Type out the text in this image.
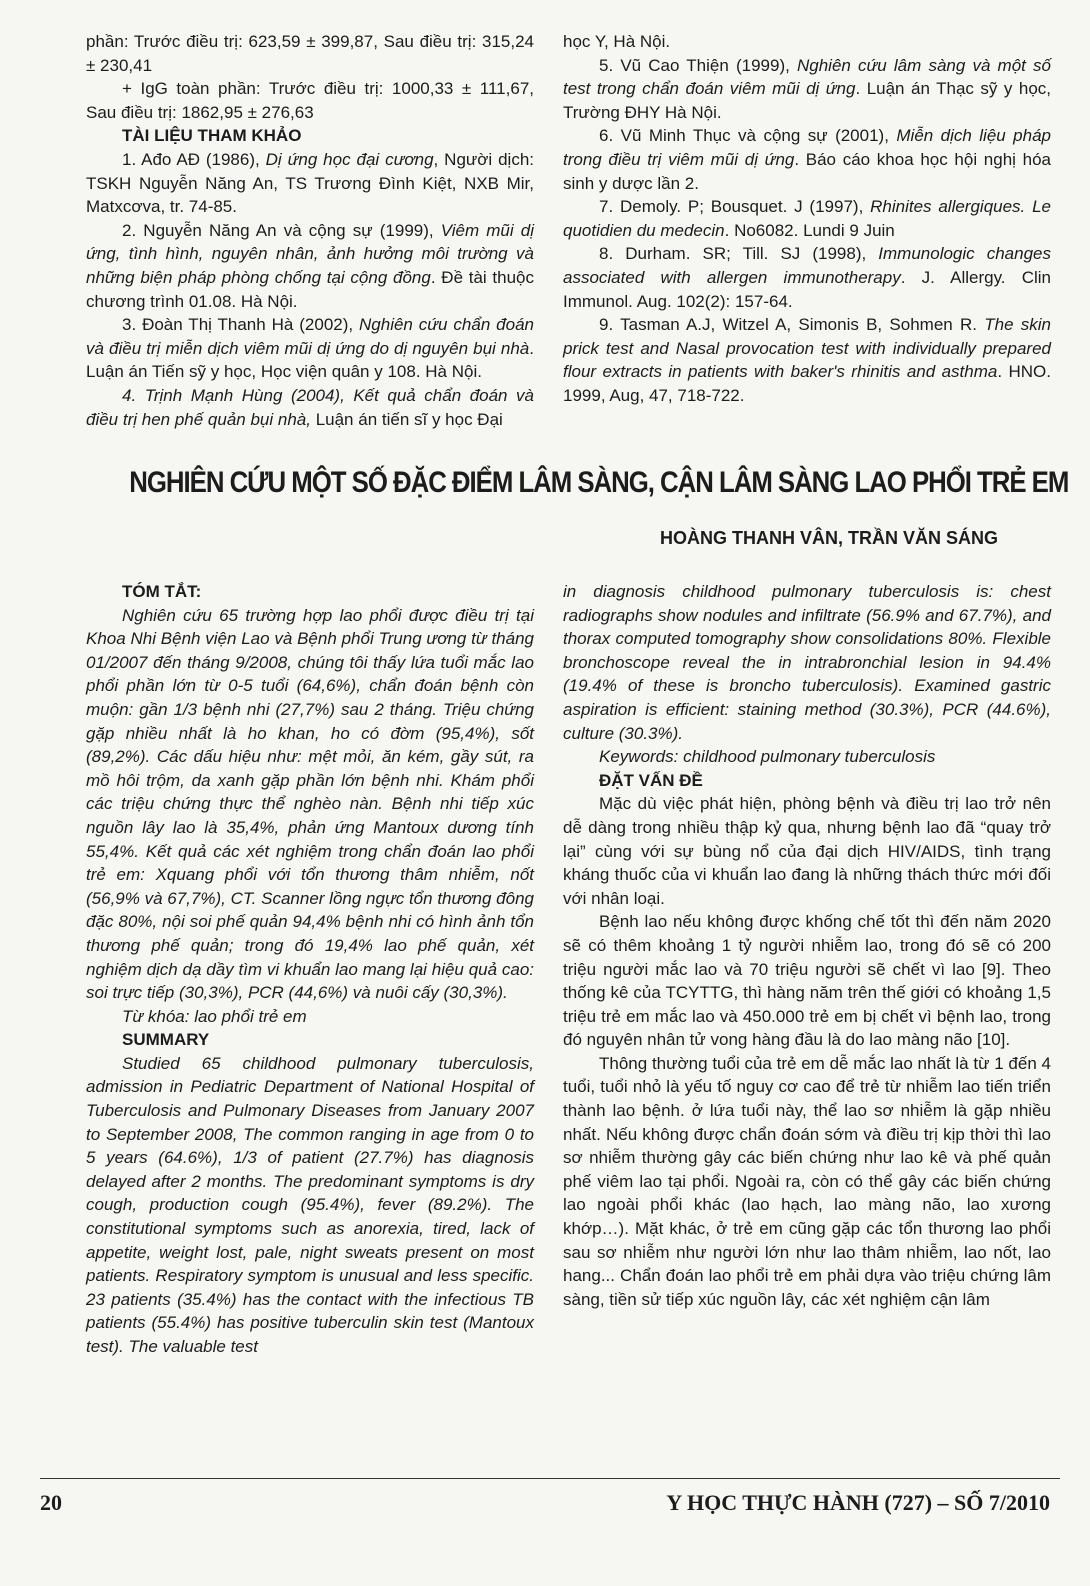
phần: Trước điều trị: 623,59 ± 399,87, Sau điều trị: 315,24 ± 230,41

+ IgG toàn phần: Trước điều trị: 1000,33 ± 111,67, Sau điều trị: 1862,95 ± 276,63

TÀI LIỆU THAM KHẢO

1. Ađo AĐ (1986), Dị ứng học đại cương, Người dịch: TSKH Nguyễn Năng An, TS Trương Đình Kiệt, NXB Mir, Matxcơva, tr. 74-85.

2. Nguyễn Năng An và cộng sự (1999), Viêm mũi dị ứng, tình hình, nguyên nhân, ảnh hưởng môi trường và những biện pháp phòng chống tại cộng đồng. Đề tài thuộc chương trình 01.08. Hà Nội.

3. Đoàn Thị Thanh Hà (2002), Nghiên cứu chẩn đoán và điều trị miễn dịch viêm mũi dị ứng do dị nguyên bụi nhà. Luận án Tiến sỹ y học, Học viện quân y 108. Hà Nội.

4. Trịnh Mạnh Hùng (2004), Kết quả chẩn đoán và điều trị hen phế quản bụi nhà, Luận án tiến sĩ y học Đại

học Y, Hà Nội.

5. Vũ Cao Thiện (1999), Nghiên cứu lâm sàng và một số test trong chẩn đoán viêm mũi dị ứng. Luận án Thạc sỹ y học, Trường ĐHY Hà Nội.

6. Vũ Minh Thục và cộng sự (2001), Miễn dịch liệu pháp trong điều trị viêm mũi dị ứng. Báo cáo khoa học hội nghị hóa sinh y dược lần 2.

7. Demoly. P; Bousquet. J (1997), Rhinites allergiques. Le quotidien du medecin. No6082. Lundi 9 Juin

8. Durham. SR; Till. SJ (1998), Immunologic changes associated with allergen immunotherapy. J. Allergy. Clin Immunol. Aug. 102(2): 157-64.

9. Tasman A.J, Witzel A, Simonis B, Sohmen R. The skin prick test and Nasal provocation test with individually prepared flour extracts in patients with baker's rhinitis and asthma. HNO. 1999, Aug, 47, 718-722.

NGHIÊN CỨU MỘT SỐ ĐẶC ĐIỂM LÂM SÀNG, CẬN LÂM SÀNG LAO PHỔI TRẺ EM
HOÀNG THANH VÂN, TRẦN VĂN SÁNG

TÓM TẮT:

Nghiên cứu 65 trường hợp lao phổi được điều trị tại Khoa Nhi Bệnh viện Lao và Bệnh phổi Trung ương từ tháng 01/2007 đến tháng 9/2008, chúng tôi thấy lứa tuổi mắc lao phổi phần lớn từ 0-5 tuổi (64,6%), chẩn đoán bệnh còn muộn: gần 1/3 bệnh nhi (27,7%) sau 2 tháng. Triệu chứng gặp nhiều nhất là ho khan, ho có đờm (95,4%), sốt (89,2%). Các dấu hiệu như: mệt mỏi, ăn kém, gầy sút, ra mồ hôi trộm, da xanh gặp phần lớn bệnh nhi. Khám phổi các triệu chứng thực thể nghèo nàn. Bệnh nhi tiếp xúc nguồn lây lao là 35,4%, phản ứng Mantoux dương tính 55,4%. Kết quả các xét nghiệm trong chẩn đoán lao phổi trẻ em: Xquang phổi với tổn thương thâm nhiễm, nốt (56,9% và 67,7%), CT. Scanner lồng ngực tổn thương đông đặc 80%, nội soi phế quản 94,4% bệnh nhi có hình ảnh tổn thương phế quản; trong đó 19,4% lao phế quản, xét nghiệm dịch dạ dầy tìm vi khuẩn lao mang lại hiệu quả cao: soi trực tiếp (30,3%), PCR (44,6%) và nuôi cấy (30,3%).

Từ khóa: lao phổi trẻ em

SUMMARY

Studied 65 childhood pulmonary tuberculosis, admission in Pediatric Department of National Hospital of Tuberculosis and Pulmonary Diseases from January 2007 to September 2008, The common ranging in age from 0 to 5 years (64.6%), 1/3 of patient (27.7%) has diagnosis delayed after 2 months. The predominant symptoms is dry cough, production cough (95.4%), fever (89.2%). The constitutional symptoms such as anorexia, tired, lack of appetite, weight lost, pale, night sweats present on most patients. Respiratory symptom is unusual and less specific. 23 patients (35.4%) has the contact with the infectious TB patients (55.4%) has positive tuberculin skin test (Mantoux test). The valuable test

in diagnosis childhood pulmonary tuberculosis is: chest radiographs show nodules and infiltrate (56.9% and 67.7%), and thorax computed tomography show consolidations 80%. Flexible bronchoscope reveal the in intrabronchial lesion in 94.4% (19.4% of these is broncho tuberculosis). Examined gastric aspiration is efficient: staining method (30.3%), PCR (44.6%), culture (30.3%).

Keywords: childhood pulmonary tuberculosis

ĐẶT VẤN ĐỀ

Mặc dù việc phát hiện, phòng bệnh và điều trị lao trở nên dễ dàng trong nhiều thập kỷ qua, nhưng bệnh lao đã “quay trở lại” cùng với sự bùng nổ của đại dịch HIV/AIDS, tình trạng kháng thuốc của vi khuẩn lao đang là những thách thức mới đối với nhân loại.

Bệnh lao nếu không được khống chế tốt thì đến năm 2020 sẽ có thêm khoảng 1 tỷ người nhiễm lao, trong đó sẽ có 200 triệu người mắc lao và 70 triệu người sẽ chết vì lao [9]. Theo thống kê của TCYTTG, thì hàng năm trên thế giới có khoảng 1,5 triệu trẻ em mắc lao và 450.000 trẻ em bị chết vì bệnh lao, trong đó nguyên nhân tử vong hàng đầu là do lao màng não [10].

Thông thường tuổi của trẻ em dễ mắc lao nhất là từ 1 đến 4 tuổi, tuổi nhỏ là yếu tố nguy cơ cao để trẻ từ nhiễm lao tiến triển thành lao bệnh. ở lứa tuổi này, thể lao sơ nhiễm là gặp nhiều nhất. Nếu không được chẩn đoán sớm và điều trị kịp thời thì lao sơ nhiễm thường gây các biến chứng như lao kê và phế quản phế viêm lao tại phổi. Ngoài ra, còn có thể gây các biến chứng lao ngoài phổi khác (lao hạch, lao màng não, lao xương khớp…). Mặt khác, ở trẻ em cũng gặp các tổn thương lao phổi sau sơ nhiễm như người lớn như lao thâm nhiễm, lao nốt, lao hang... Chẩn đoán lao phổi trẻ em phải dựa vào triệu chứng lâm sàng, tiền sử tiếp xúc nguồn lây, các xét nghiệm cận lâm

20	Y HỌC THỰC HÀNH (727) – SỐ 7/2010
